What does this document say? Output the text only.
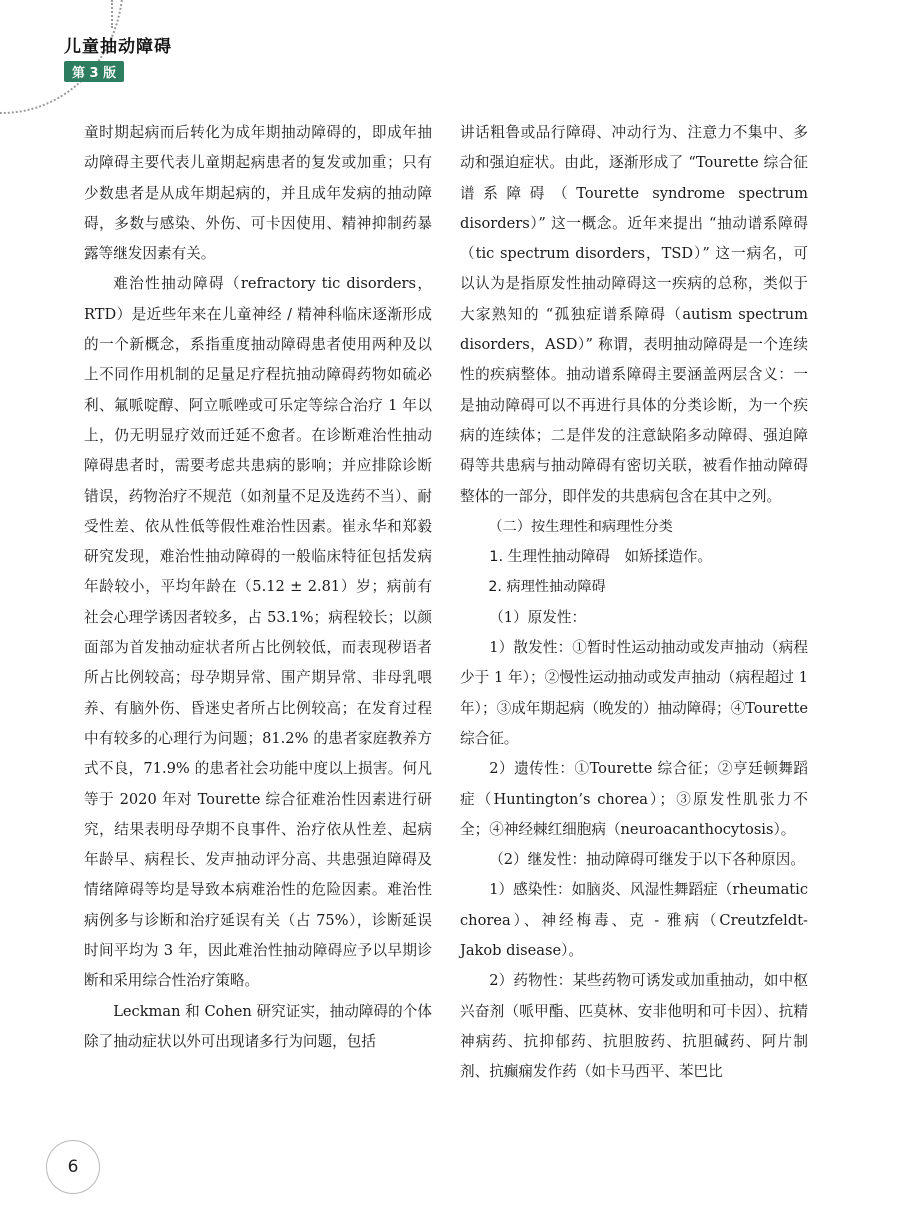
儿童抽动障碍
第 3 版

童时期起病而后转化为成年期抽动障碍的，即成年抽动障碍主要代表儿童期起病患者的复发或加重；只有少数患者是从成年期起病的，并且成年发病的抽动障碍，多数与感染、外伤、可卡因使用、精神抑制药暴露等继发因素有关。

难治性抽动障碍（refractory tic disorders，RTD）是近些年来在儿童神经 / 精神科临床逐渐形成的一个新概念，系指重度抽动障碍患者使用两种及以上不同作用机制的足量足疗程抗抽动障碍药物如硫必利、氟哌啶醇、阿立哌唑或可乐定等综合治疗 1 年以上，仍无明显疗效而迁延不愈者。在诊断难治性抽动障碍患者时，需要考虑共患病的影响；并应排除诊断错误，药物治疗不规范（如剂量不足及选药不当）、耐受性差、依从性低等假性难治性因素。崔永华和郑毅研究发现，难治性抽动障碍的一般临床特征包括发病年龄较小，平均年龄在（5.12 ± 2.81）岁；病前有社会心理学诱因者较多，占 53.1%；病程较长；以颜面部为首发抽动症状者所占比例较低，而表现秽语者所占比例较高；母孕期异常、围产期异常、非母乳喂养、有脑外伤、昏迷史者所占比例较高；在发育过程中有较多的心理行为问题；81.2% 的患者家庭教养方式不良，71.9% 的患者社会功能中度以上损害。何凡等于 2020 年对 Tourette 综合征难治性因素进行研究，结果表明母孕期不良事件、治疗依从性差、起病年龄早、病程长、发声抽动评分高、共患强迫障碍及情绪障碍等均是导致本病难治性的危险因素。难治性病例多与诊断和治疗延误有关（占 75%），诊断延误时间平均为 3 年，因此难治性抽动障碍应予以早期诊断和采用综合性治疗策略。

Leckman 和 Cohen 研究证实，抽动障碍的个体除了抽动症状以外可出现诸多行为问题，包括

讲话粗鲁或品行障碍、冲动行为、注意力不集中、多动和强迫症状。由此，逐渐形成了 “Tourette 综合征谱系障碍（Tourette syndrome spectrum disorders）” 这一概念。近年来提出 “抽动谱系障碍（tic spectrum disorders，TSD）” 这一病名，可以认为是指原发性抽动障碍这一疾病的总称，类似于大家熟知的 “孤独症谱系障碍（autism spectrum disorders，ASD）” 称谓，表明抽动障碍是一个连续性的疾病整体。抽动谱系障碍主要涵盖两层含义：一是抽动障碍可以不再进行具体的分类诊断，为一个疾病的连续体；二是伴发的注意缺陷多动障碍、强迫障碍等共患病与抽动障碍有密切关联，被看作抽动障碍整体的一部分，即伴发的共患病包含在其中之列。

（二）按生理性和病理性分类

1. 生理性抽动障碍　如矫揉造作。

2. 病理性抽动障碍

（1）原发性：

1）散发性：①暂时性运动抽动或发声抽动（病程少于 1 年）；②慢性运动抽动或发声抽动（病程超过 1 年）；③成年期起病（晚发的）抽动障碍；④Tourette 综合征。

2）遗传性：①Tourette 综合征；②亨廷顿舞蹈症（Huntington’s chorea）；③原发性肌张力不全；④神经棘红细胞病（neuroacanthocytosis）。

（2）继发性：抽动障碍可继发于以下各种原因。

1）感染性：如脑炎、风湿性舞蹈症（rheumatic chorea）、神经梅毒、克 - 雅病（Creutzfeldt-Jakob disease）。

2）药物性：某些药物可诱发或加重抽动，如中枢兴奋剂（哌甲酯、匹莫林、安非他明和可卡因）、抗精神病药、抗抑郁药、抗胆胺药、抗胆碱药、阿片制剂、抗癫痫发作药（如卡马西平、苯巴比

6
